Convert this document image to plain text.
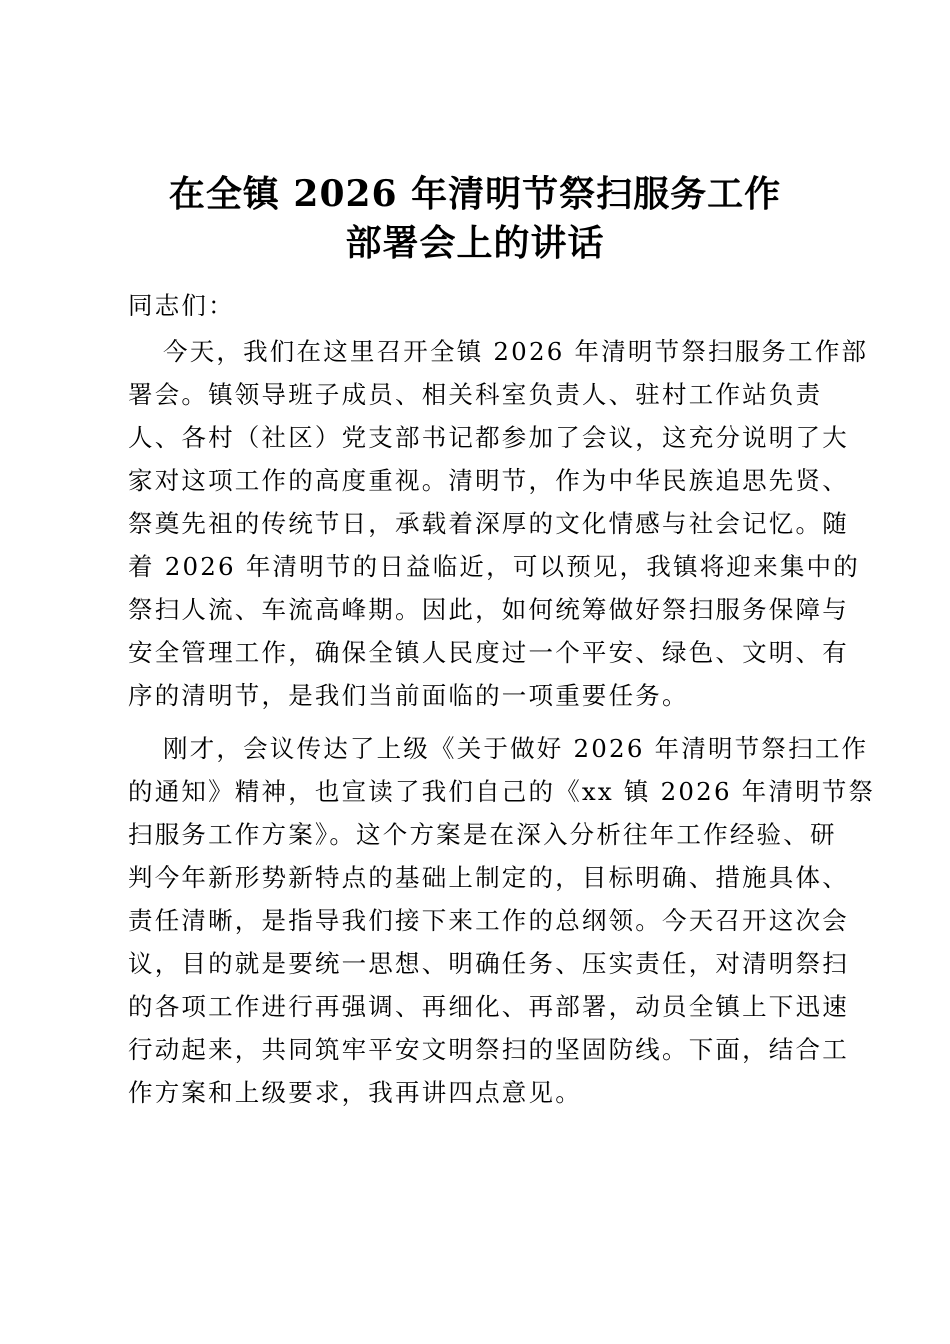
在全镇 2026 年清明节祭扫服务工作
部署会上的讲话

同志们：

今天，我们在这里召开全镇 2026 年清明节祭扫服务工作部

署会。镇领导班子成员、相关科室负责人、驻村工作站负责

人、各村（社区）党支部书记都参加了会议，这充分说明了大

家对这项工作的高度重视。清明节，作为中华民族追思先贤、

祭奠先祖的传统节日，承载着深厚的文化情感与社会记忆。随

着 2026 年清明节的日益临近，可以预见，我镇将迎来集中的

祭扫人流、车流高峰期。因此，如何统筹做好祭扫服务保障与

安全管理工作，确保全镇人民度过一个平安、绿色、文明、有

序的清明节，是我们当前面临的一项重要任务。

刚才，会议传达了上级《关于做好 2026 年清明节祭扫工作

的通知》精神，也宣读了我们自己的《xx 镇 2026 年清明节祭

扫服务工作方案》。这个方案是在深入分析往年工作经验、研

判今年新形势新特点的基础上制定的，目标明确、措施具体、

责任清晰，是指导我们接下来工作的总纲领。今天召开这次会

议，目的就是要统一思想、明确任务、压实责任，对清明祭扫

的各项工作进行再强调、再细化、再部署，动员全镇上下迅速

行动起来，共同筑牢平安文明祭扫的坚固防线。下面，结合工

作方案和上级要求，我再讲四点意见。
